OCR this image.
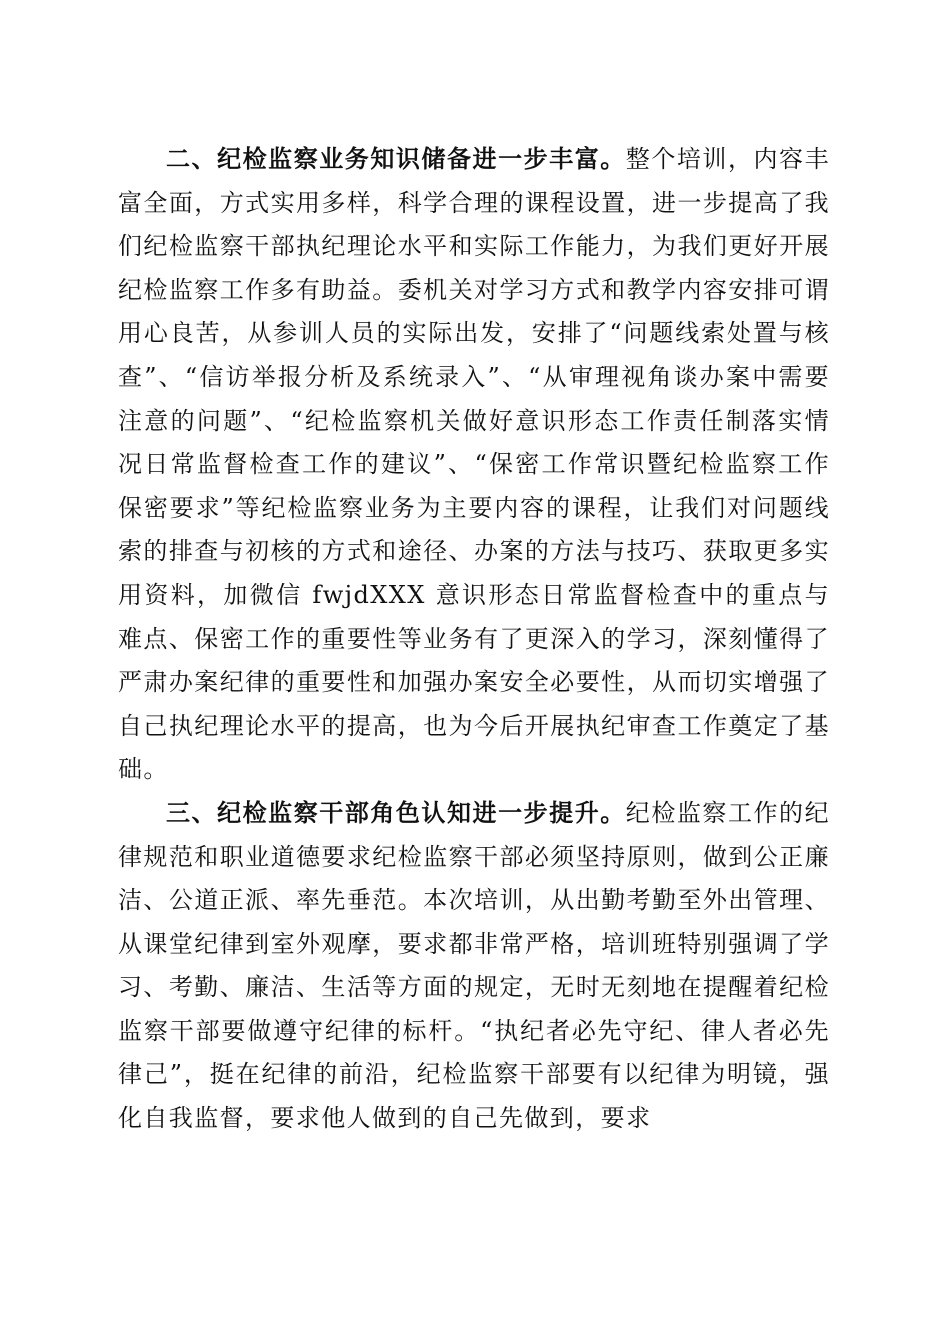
二、纪检监察业务知识储备进一步丰富。整个培训，内容丰富全面，方式实用多样，科学合理的课程设置，进一步提高了我们纪检监察干部执纪理论水平和实际工作能力，为我们更好开展纪检监察工作多有助益。委机关对学习方式和教学内容安排可谓用心良苦，从参训人员的实际出发，安排了“问题线索处置与核查”、“信访举报分析及系统录入”、“从审理视角谈办案中需要注意的问题”、“纪检监察机关做好意识形态工作责任制落实情况日常监督检查工作的建议”、“保密工作常识暨纪检监察工作保密要求”等纪检监察业务为主要内容的课程，让我们对问题线索的排查与初核的方式和途径、办案的方法与技巧、获取更多实用资料，加微信 fwjdXXX 意识形态日常监督检查中的重点与难点、保密工作的重要性等业务有了更深入的学习，深刻懂得了严肃办案纪律的重要性和加强办案安全必要性，从而切实增强了自己执纪理论水平的提高，也为今后开展执纪审查工作奠定了基础。

三、纪检监察干部角色认知进一步提升。纪检监察工作的纪律规范和职业道德要求纪检监察干部必须坚持原则，做到公正廉洁、公道正派、率先垂范。本次培训，从出勤考勤至外出管理、从课堂纪律到室外观摩，要求都非常严格，培训班特别强调了学习、考勤、廉洁、生活等方面的规定，无时无刻地在提醒着纪检监察干部要做遵守纪律的标杆。“执纪者必先守纪、律人者必先律己”，挺在纪律的前沿，纪检监察干部要有以纪律为明镜，强化自我监督，要求他人做到的自己先做到，要求
